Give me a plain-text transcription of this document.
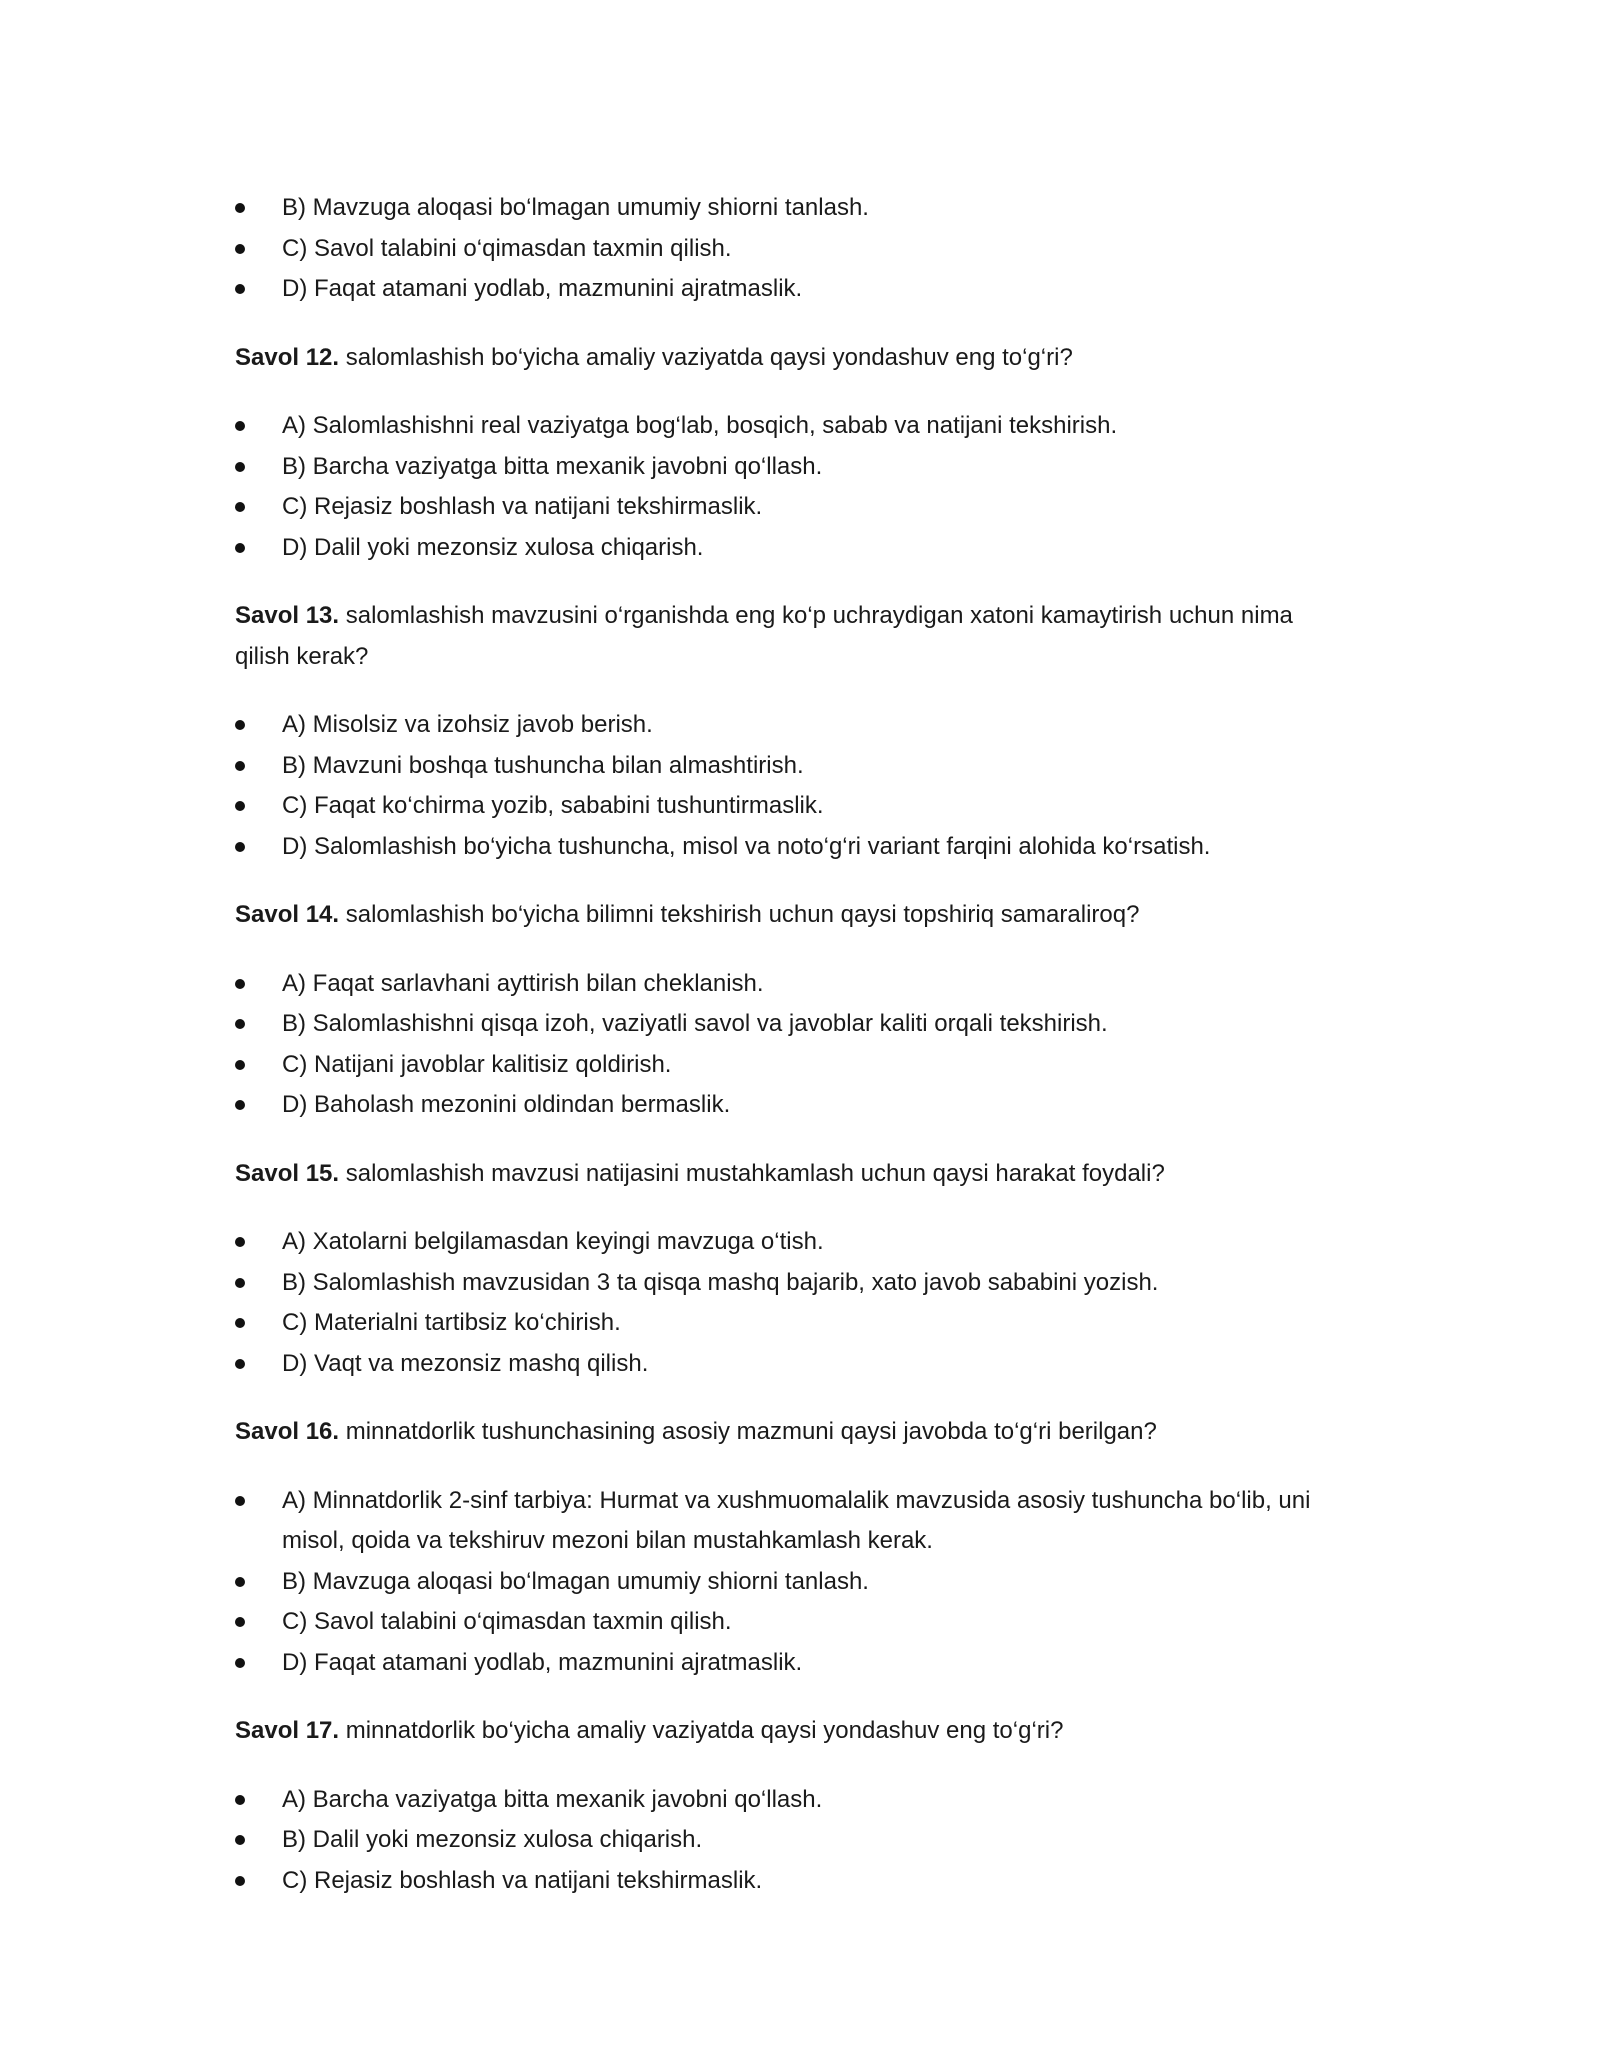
B) Mavzuga aloqasi bo‘lmagan umumiy shiorni tanlash.
C) Savol talabini o‘qimasdan taxmin qilish.
D) Faqat atamani yodlab, mazmunini ajratmaslik.

Savol 12. salomlashish bo‘yicha amaliy vaziyatda qaysi yondashuv eng to‘g‘ri?

A) Salomlashishni real vaziyatga bog‘lab, bosqich, sabab va natijani tekshirish.
B) Barcha vaziyatga bitta mexanik javobni qo‘llash.
C) Rejasiz boshlash va natijani tekshirmaslik.
D) Dalil yoki mezonsiz xulosa chiqarish.

Savol 13. salomlashish mavzusini o‘rganishda eng ko‘p uchraydigan xatoni kamaytirish uchun nima qilish kerak?

A) Misolsiz va izohsiz javob berish.
B) Mavzuni boshqa tushuncha bilan almashtirish.
C) Faqat ko‘chirma yozib, sababini tushuntirmaslik.
D) Salomlashish bo‘yicha tushuncha, misol va noto‘g‘ri variant farqini alohida ko‘rsatish.

Savol 14. salomlashish bo‘yicha bilimni tekshirish uchun qaysi topshiriq samaraliroq?

A) Faqat sarlavhani ayttirish bilan cheklanish.
B) Salomlashishni qisqa izoh, vaziyatli savol va javoblar kaliti orqali tekshirish.
C) Natijani javoblar kalitisiz qoldirish.
D) Baholash mezonini oldindan bermaslik.

Savol 15. salomlashish mavzusi natijasini mustahkamlash uchun qaysi harakat foydali?

A) Xatolarni belgilamasdan keyingi mavzuga o‘tish.
B) Salomlashish mavzusidan 3 ta qisqa mashq bajarib, xato javob sababini yozish.
C) Materialni tartibsiz ko‘chirish.
D) Vaqt va mezonsiz mashq qilish.

Savol 16. minnatdorlik tushunchasining asosiy mazmuni qaysi javobda to‘g‘ri berilgan?

A) Minnatdorlik 2-sinf tarbiya: Hurmat va xushmuomalalik mavzusida asosiy tushuncha bo‘lib, uni misol, qoida va tekshiruv mezoni bilan mustahkamlash kerak.
B) Mavzuga aloqasi bo‘lmagan umumiy shiorni tanlash.
C) Savol talabini o‘qimasdan taxmin qilish.
D) Faqat atamani yodlab, mazmunini ajratmaslik.

Savol 17. minnatdorlik bo‘yicha amaliy vaziyatda qaysi yondashuv eng to‘g‘ri?

A) Barcha vaziyatga bitta mexanik javobni qo‘llash.
B) Dalil yoki mezonsiz xulosa chiqarish.
C) Rejasiz boshlash va natijani tekshirmaslik.
